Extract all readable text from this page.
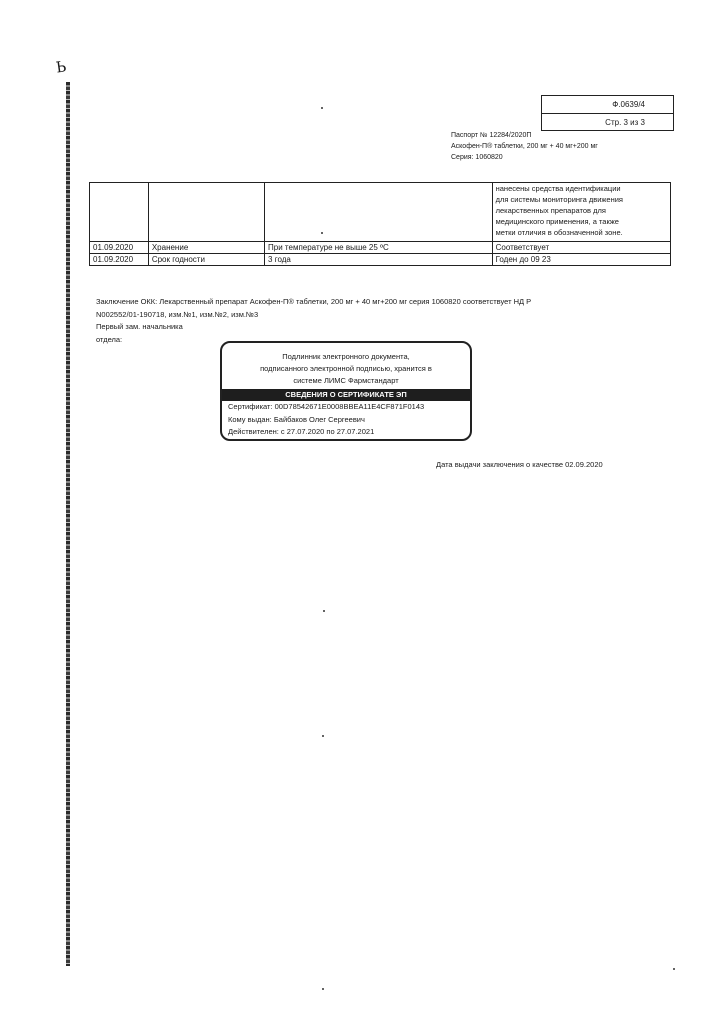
Ь
Ф.0639/4
Стр. 3 из 3
Паспорт № 12284/2020П
Аскофен-П® таблетки, 200 мг + 40 мг+200 мг
Серия: 1060820

			нанесены средства идентификации
для системы мониторинга движения
лекарственных препаратов для
медицинского применения, а также
метки отличия в обозначенной зоне.

01.09.2020	Хранение	При температуре не выше 25 ºС	Соответствует
01.09.2020	Срок годности	3 года	Годен до 09 23
Заключение ОКК: Лекарственный препарат Аскофен-П® таблетки, 200 мг + 40 мг+200 мг серия 1060820 соответствует НД Р
N002552/01-190718, изм.№1, изм.№2, изм.№3
Первый зам. начальника
отдела:
Подлинник электронного документа,
подписанного электронной подписью, хранится в
системе ЛИМС Фармстандарт
СВЕДЕНИЯ О СЕРТИФИКАТЕ ЭП
Сертификат: 00D78542671E0008BBEA11E4CF871F0143
Кому выдан: Байбаков Олег Сергеевич
Действителен: с 27.07.2020 по 27.07.2021
Дата выдачи заключения о качестве 02.09.2020
